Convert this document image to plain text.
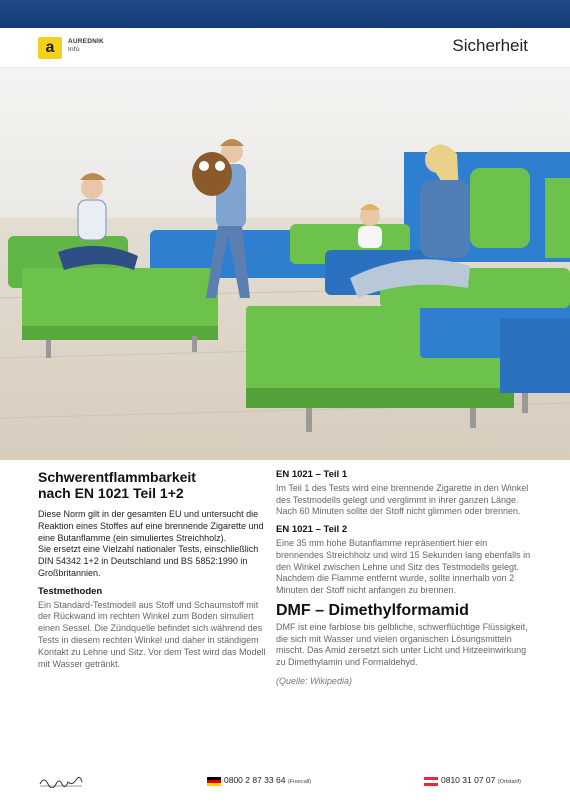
a AUREDNIK
Info	Sicherheit
Schwerentflammbarkeit
nach EN 1021 Teil 1+2

Diese Norm gilt in der gesamten EU und untersucht die Reaktion eines Stoffes auf eine brennende Zigarette und eine Butanflamme (ein simuliertes Streichholz).

Sie ersetzt eine Vielzahl nationaler Tests, einschließlich DIN 54342 1+2 in Deutschland und BS 5852:1990 in Großbritannien.

Testmethoden

Ein Standard-Testmodell aus Stoff und Schaumstoff mit der Rückwand im rechten Winkel zum Boden simuliert einen Sessel. Die Zündquelle befindet sich während des Tests in diesem rechten Winkel und daher in ständigem Kontakt zu Lehne und Sitz. Vor dem Test wird das Modell mit Wasser getränkt.

EN 1021 – Teil 1

Im Teil 1 des Tests wird eine brennende Zigarette in den Winkel des Testmodells gelegt und verglimmt in ihrer ganzen Länge. Nach 60 Minuten sollte der Stoff nicht glimmen oder brennen.

EN 1021 – Teil 2

Eine 35 mm hohe Butanflamme repräsentiert hier ein brennendes Streichholz und wird 15 Sekunden lang ebenfalls in den Winkel zwischen Lehne und Sitz des Testmodells gelegt. Nachdem die Flamme entfernt wurde, sollte innerhalb von 2 Minuten der Stoff nicht anfangen zu brennen.

DMF – Dimethylformamid

DMF ist eine farblose bis gelbliche, schwerflüchtige Flüssigkeit, die sich mit Wasser und vielen organischen Lösungsmitteln mischt. Das Amid zersetzt sich unter Licht und Hitzeeinwirkung zu Dimethylamin und Formaldehyd.

(Quelle: Wikipedia)

0800 2 87 33 64 (Freecall)	0810 31 07 07 (Ortstarif)
